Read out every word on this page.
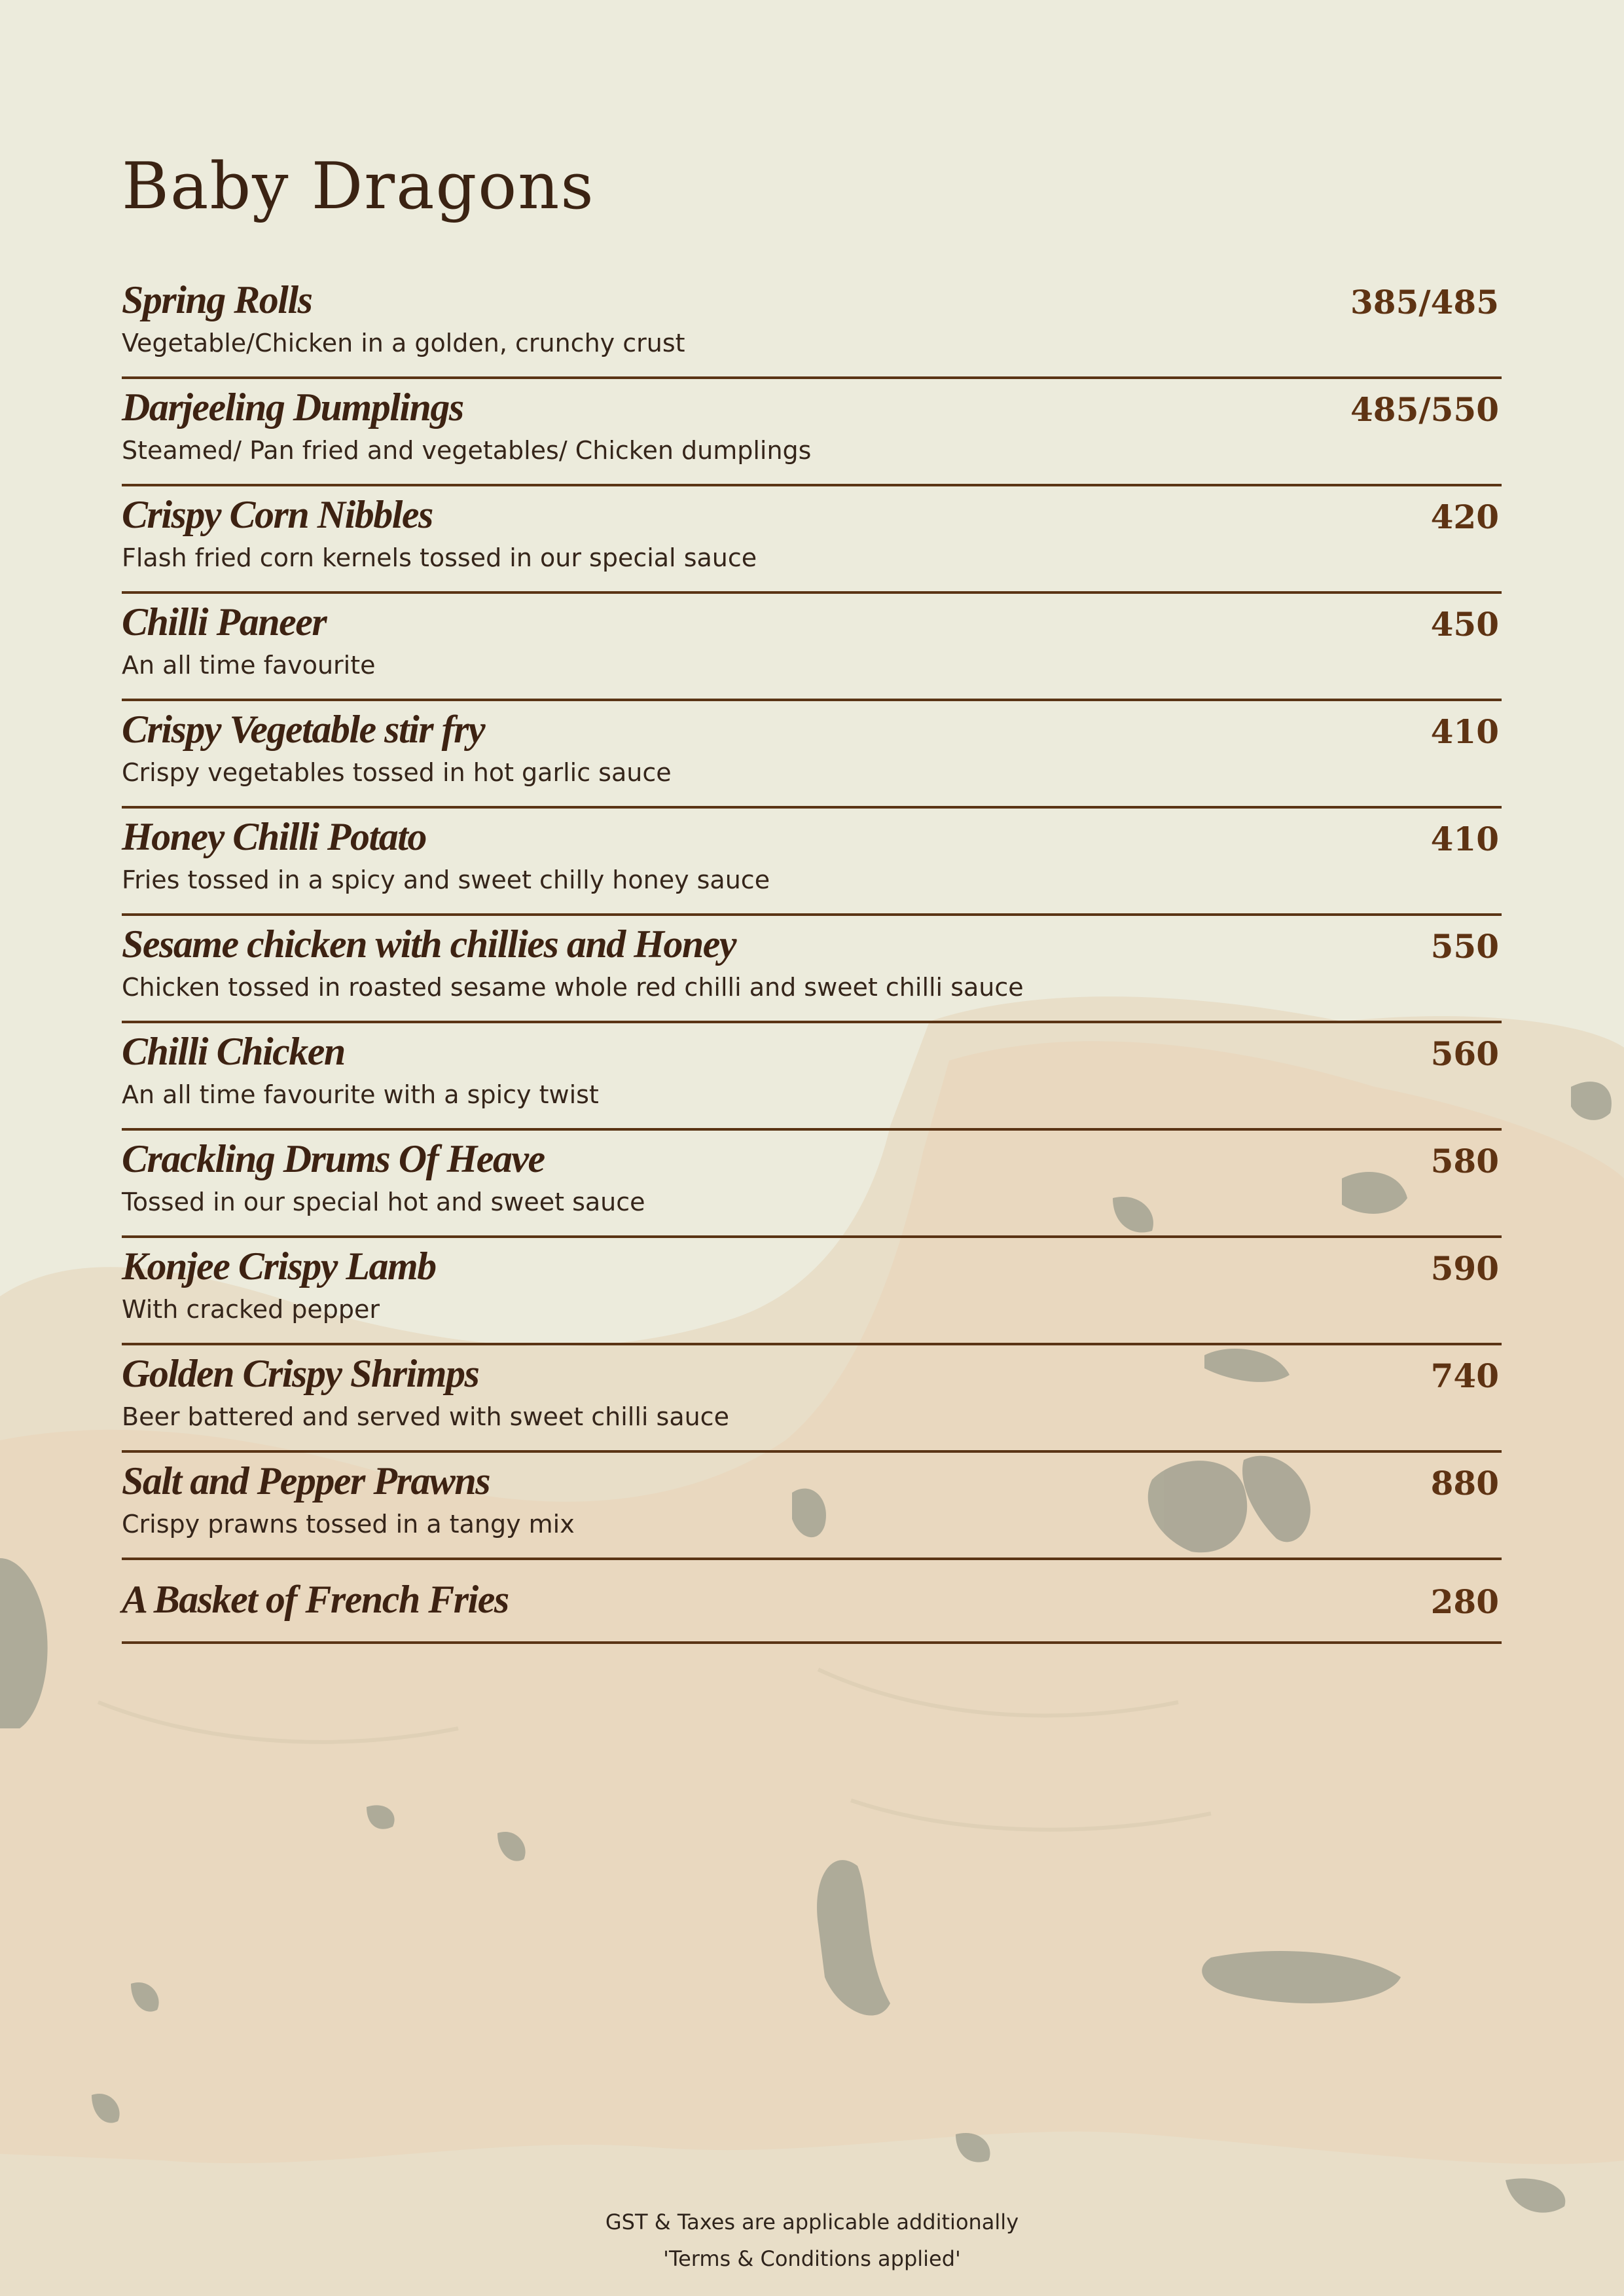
Baby Dragons
Spring Rolls
Vegetable/Chicken in a golden, crunchy crust
385/485
Darjeeling Dumplings
Steamed/ Pan fried and vegetables/ Chicken dumplings
485/550
Crispy Corn Nibbles
Flash fried corn kernels tossed in our special sauce
420
Chilli Paneer
An all time favourite
450
Crispy Vegetable stir fry
Crispy vegetables tossed in hot garlic sauce
410
Honey Chilli Potato
Fries tossed in a spicy and sweet chilly honey sauce
410
Sesame chicken with chillies and Honey
Chicken tossed in roasted sesame whole red chilli and sweet chilli sauce
550
Chilli Chicken
An all time favourite with a spicy twist
560
Crackling Drums Of Heave
Tossed in our special hot and sweet sauce
580
Konjee Crispy Lamb
With cracked pepper
590
Golden Crispy Shrimps
Beer battered and served with sweet chilli sauce
740
Salt and Pepper Prawns
Crispy prawns tossed in a tangy mix
880
A Basket of French Fries	280
GST & Taxes are applicable additionally
'Terms & Conditions applied'
